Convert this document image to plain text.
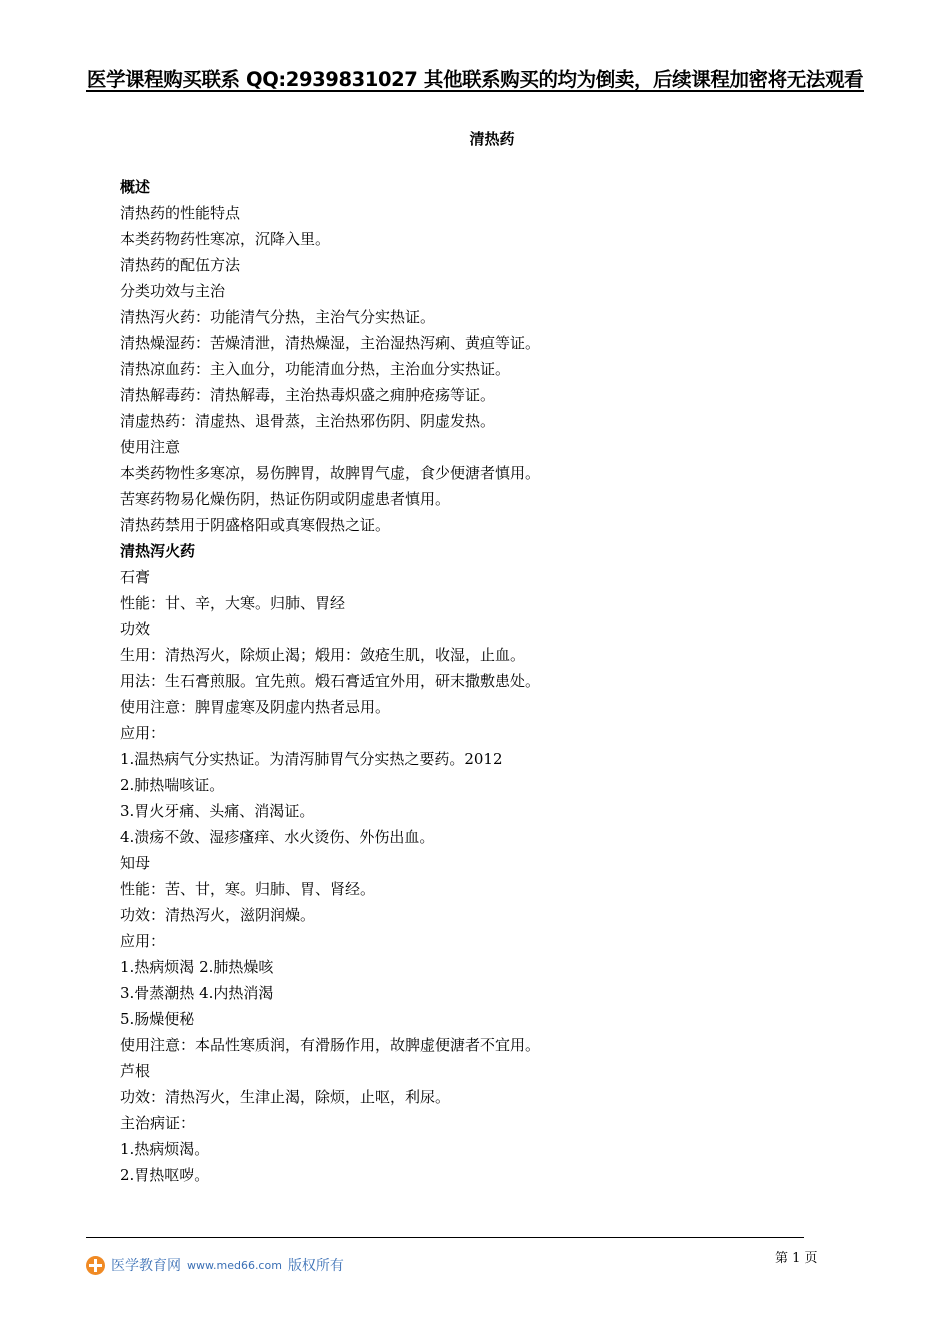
医学课程购买联系 QQ:2939831027 其他联系购买的均为倒卖，后续课程加密将无法观看
清热药
概述
清热药的性能特点
本类药物药性寒凉，沉降入里。
清热药的配伍方法
分类功效与主治
清热泻火药：功能清气分热，主治气分实热证。
清热燥湿药：苦燥清泄，清热燥湿，主治湿热泻痢、黄疸等证。
清热凉血药：主入血分，功能清血分热，主治血分实热证。
清热解毒药：清热解毒，主治热毒炽盛之痈肿疮疡等证。
清虚热药：清虚热、退骨蒸，主治热邪伤阴、阴虚发热。
使用注意
本类药物性多寒凉，易伤脾胃，故脾胃气虚，食少便溏者慎用。
苦寒药物易化燥伤阴，热证伤阴或阴虚患者慎用。
清热药禁用于阴盛格阳或真寒假热之证。
清热泻火药
石膏
性能：甘、辛，大寒。归肺、胃经
功效
生用：清热泻火，除烦止渴；煅用：敛疮生肌，收湿，止血。
用法：生石膏煎服。宜先煎。煅石膏适宜外用，研末撒敷患处。
使用注意：脾胃虚寒及阴虚内热者忌用。
应用：
1.温热病气分实热证。为清泻肺胃气分实热之要药。2012
2.肺热喘咳证。
3.胃火牙痛、头痛、消渴证。
4.溃疡不敛、湿疹瘙痒、水火烫伤、外伤出血。
知母
性能：苦、甘，寒。归肺、胃、肾经。
功效：清热泻火，滋阴润燥。
应用：
1.热病烦渴 2.肺热燥咳
3.骨蒸潮热 4.内热消渴
5.肠燥便秘
使用注意：本品性寒质润，有滑肠作用，故脾虚便溏者不宜用。
芦根
功效：清热泻火，生津止渴，除烦，止呕，利尿。
主治病证：
1.热病烦渴。
2.胃热呕哕。
医学教育网 www.med66.com 版权所有	第 1 页
